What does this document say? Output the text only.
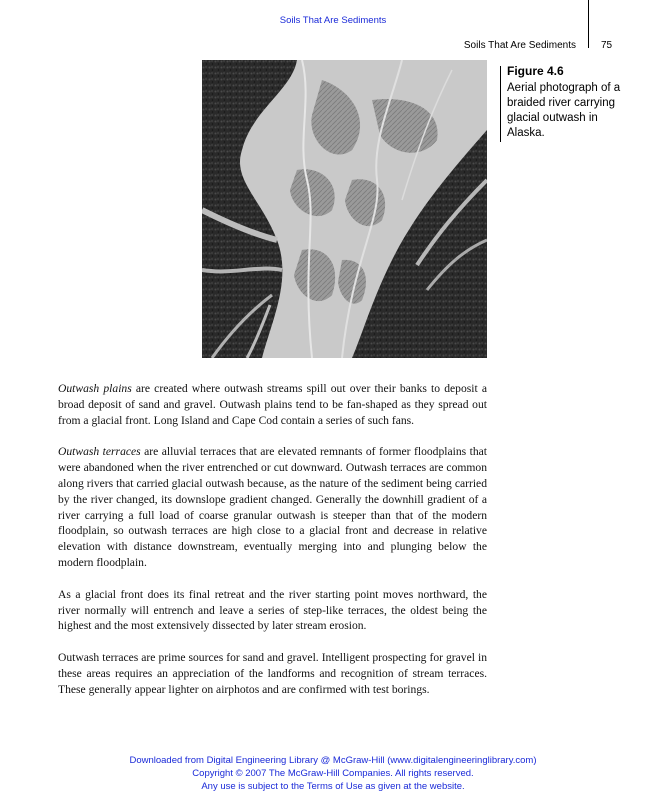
Soils That Are Sediments
Soils That Are Sediments	75
Figure 4.6
Aerial photograph of a braided river carrying glacial outwash in Alaska.

Outwash plains are created where outwash streams spill out over their banks to deposit a broad deposit of sand and gravel. Outwash plains tend to be fan-shaped as they spread out from a glacial front. Long Island and Cape Cod contain a series of such fans.

Outwash terraces are alluvial terraces that are elevated remnants of former floodplains that were abandoned when the river entrenched or cut downward. Outwash terraces are common along rivers that carried glacial outwash because, as the nature of the sediment being carried by the river changed, its downslope gradient changed. Generally the downhill gradient of a river carrying a full load of coarse granular outwash is steeper than that of the modern floodplain, so outwash terraces are high close to a glacial front and decrease in relative elevation with distance downstream, eventually merging into and plunging below the modern floodplain.

As a glacial front does its final retreat and the river starting point moves northward, the river normally will entrench and leave a series of step-like terraces, the oldest being the highest and the most extensively dissected by later stream erosion.

Outwash terraces are prime sources for sand and gravel. Intelligent prospecting for gravel in these areas requires an appreciation of the landforms and recognition of stream terraces. These generally appear lighter on airphotos and are confirmed with test borings.

Downloaded from Digital Engineering Library @ McGraw-Hill (www.digitalengineeringlibrary.com)
Copyright © 2007 The McGraw-Hill Companies. All rights reserved.
Any use is subject to the Terms of Use as given at the website.
